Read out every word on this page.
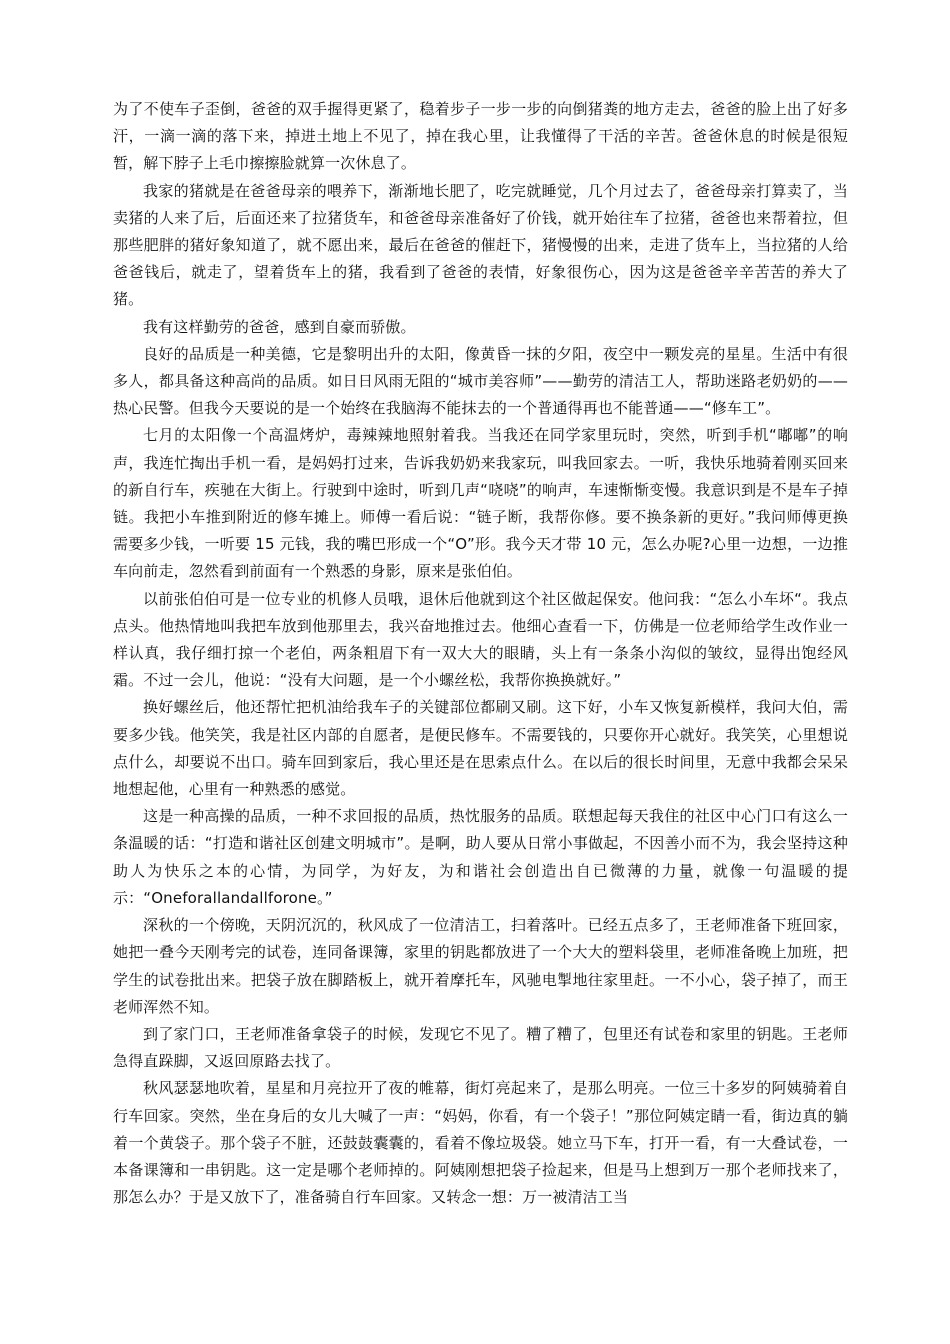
为了不使车子歪倒，爸爸的双手握得更紧了，稳着步子一步一步的向倒猪粪的地方走去，爸爸的脸上出了好多汗，一滴一滴的落下来，掉进土地上不见了，掉在我心里，让我懂得了干活的辛苦。爸爸休息的时候是很短暂，解下脖子上毛巾擦擦脸就算一次休息了。

我家的猪就是在爸爸母亲的喂养下，渐渐地长肥了，吃完就睡觉，几个月过去了，爸爸母亲打算卖了，当卖猪的人来了后，后面还来了拉猪货车，和爸爸母亲准备好了价钱，就开始往车了拉猪，爸爸也来帮着拉，但那些肥胖的猪好象知道了，就不愿出来，最后在爸爸的催赶下，猪慢慢的出来，走进了货车上，当拉猪的人给爸爸钱后，就走了，望着货车上的猪，我看到了爸爸的表情，好象很伤心，因为这是爸爸辛辛苦苦的养大了猪。

我有这样勤劳的爸爸，感到自豪而骄傲。

良好的品质是一种美德，它是黎明出升的太阳，像黄昏一抹的夕阳，夜空中一颗发亮的星星。生活中有很多人，都具备这种高尚的品质。如日日风雨无阻的“城市美容师”——勤劳的清洁工人，帮助迷路老奶奶的——热心民警。但我今天要说的是一个始终在我脑海不能抹去的一个普通得再也不能普通——“修车工”。

七月的太阳像一个高温烤炉，毒辣辣地照射着我。当我还在同学家里玩时，突然，听到手机“嘟嘟”的响声，我连忙掏出手机一看，是妈妈打过来，告诉我奶奶来我家玩，叫我回家去。一听，我快乐地骑着刚买回来的新自行车，疾驰在大街上。行驶到中途时，听到几声“哓哓”的响声，车速惭惭变慢。我意识到是不是车子掉链。我把小车推到附近的修车摊上。师傅一看后说：“链子断，我帮你修。要不换条新的更好。”我问师傅更换需要多少钱，一听要 15 元钱，我的嘴巴形成一个“O”形。我今天才带 10 元，怎么办呢?心里一边想，一边推车向前走，忽然看到前面有一个熟悉的身影，原来是张伯伯。

以前张伯伯可是一位专业的机修人员哦，退休后他就到这个社区做起保安。他问我：“怎么小车坏“。我点点头。他热情地叫我把车放到他那里去，我兴奋地推过去。他细心查看一下，仿佛是一位老师给学生改作业一样认真，我仔细打掠一个老伯，两条粗眉下有一双大大的眼睛，头上有一条条小沟似的皱纹，显得出饱经风霜。不过一会儿，他说：“没有大问题，是一个小螺丝松，我帮你换换就好。”

换好螺丝后，他还帮忙把机油给我车子的关键部位都刷又刷。这下好，小车又恢复新模样，我问大伯，需要多少钱。他笑笑，我是社区内部的自愿者，是便民修车。不需要钱的，只要你开心就好。我笑笑，心里想说点什么，却要说不出口。骑车回到家后，我心里还是在思索点什么。在以后的很长时间里，无意中我都会呆呆地想起他，心里有一种熟悉的感觉。

这是一种高操的品质，一种不求回报的品质，热忱服务的品质。联想起每天我住的社区中心门口有这么一条温暖的话：“打造和谐社区创建文明城市”。是啊，助人要从日常小事做起，不因善小而不为，我会坚持这种助人为快乐之本的心情，为同学，为好友，为和谐社会创造出自已微薄的力量，就像一句温暖的提示：“Oneforallandallforone。”

深秋的一个傍晚，天阴沉沉的，秋风成了一位清洁工，扫着落叶。已经五点多了，王老师准备下班回家，她把一叠今天刚考完的试卷，连同备课簿，家里的钥匙都放进了一个大大的塑料袋里，老师准备晚上加班，把学生的试卷批出来。把袋子放在脚踏板上，就开着摩托车，风驰电掣地往家里赶。一不小心，袋子掉了，而王老师浑然不知。

到了家门口，王老师准备拿袋子的时候，发现它不见了。糟了糟了，包里还有试卷和家里的钥匙。王老师急得直跺脚，又返回原路去找了。

秋风瑟瑟地吹着，星星和月亮拉开了夜的帷幕，街灯亮起来了，是那么明亮。一位三十多岁的阿姨骑着自行车回家。突然，坐在身后的女儿大喊了一声：“妈妈，你看，有一个袋子！”那位阿姨定睛一看，街边真的躺着一个黄袋子。那个袋子不脏，还鼓鼓囊囊的，看着不像垃圾袋。她立马下车，打开一看，有一大叠试卷，一本备课簿和一串钥匙。这一定是哪个老师掉的。阿姨刚想把袋子捡起来，但是马上想到万一那个老师找来了，那怎么办？于是又放下了，准备骑自行车回家。又转念一想：万一被清洁工当
